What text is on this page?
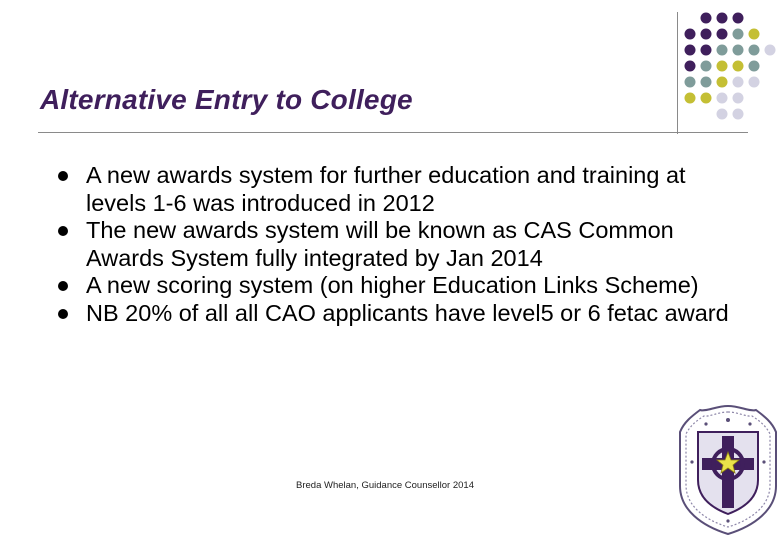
Alternative Entry to College
A new awards system for further education and training at levels 1-6 was introduced in 2012
The new awards system will be known as CAS Common Awards System fully integrated by Jan 2014
A new scoring system (on higher Education Links Scheme)
NB 20% of all all CAO applicants have level5 or 6 fetac award
Breda Whelan, Guidance Counsellor 2014
